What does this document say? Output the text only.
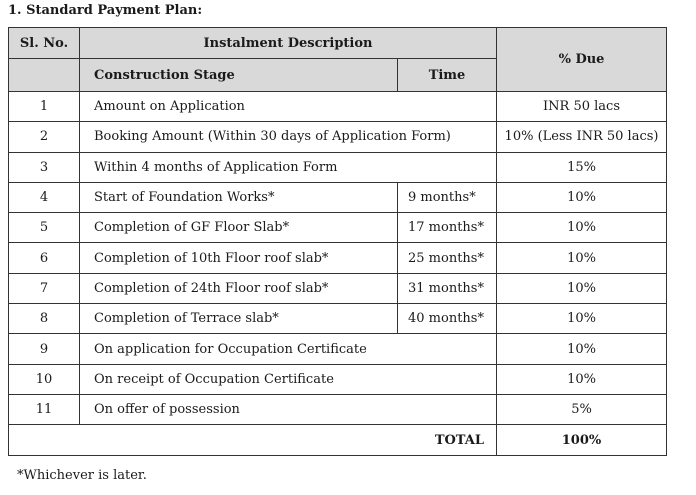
1. Standard Payment Plan:
Sl. No.	Instalment Description		% Due
	Construction Stage	Time	
1	Amount on Application		INR 50 lacs
2	Booking Amount (Within 30 days of Application Form)		10% (Less INR 50 lacs)
3	Within 4 months of Application Form		15%
4	Start of Foundation Works*	9 months*	10%
5	Completion of GF Floor Slab*	17 months*	10%
6	Completion of 10th Floor roof slab*	25 months*	10%
7	Completion of 24th Floor roof slab*	31 months*	10%
8	Completion of Terrace slab*	40 months*	10%
9	On application for Occupation Certificate		10%
10	On receipt of Occupation Certificate		10%
11	On offer of possession		5%
TOTAL			100%
*Whichever is later.
